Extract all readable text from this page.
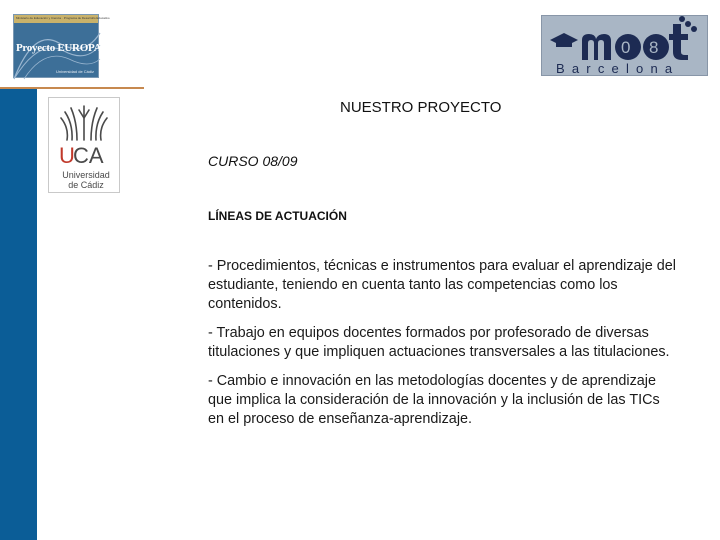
Ministerio de Educación y Ciencia · Programa de Desarrollo Educativo
Proyecto EUROPA
Universidad de Cádiz
0 8
Barcelona
U
CA
Universidad
de Cádiz
NUESTRO PROYECTO
CURSO 08/09
LÍNEAS DE ACTUACIÓN

- Procedimientos, técnicas e instrumentos para evaluar el aprendizaje del estudiante, teniendo en cuenta tanto las competencias como los contenidos.

- Trabajo en equipos docentes formados por profesorado de diversas titulaciones y que impliquen actuaciones transversales a las titulaciones.

- Cambio e innovación en las metodologías docentes y de aprendizaje que implica la consideración de la innovación y la inclusión de las TICs en el proceso de enseñanza-aprendizaje.
